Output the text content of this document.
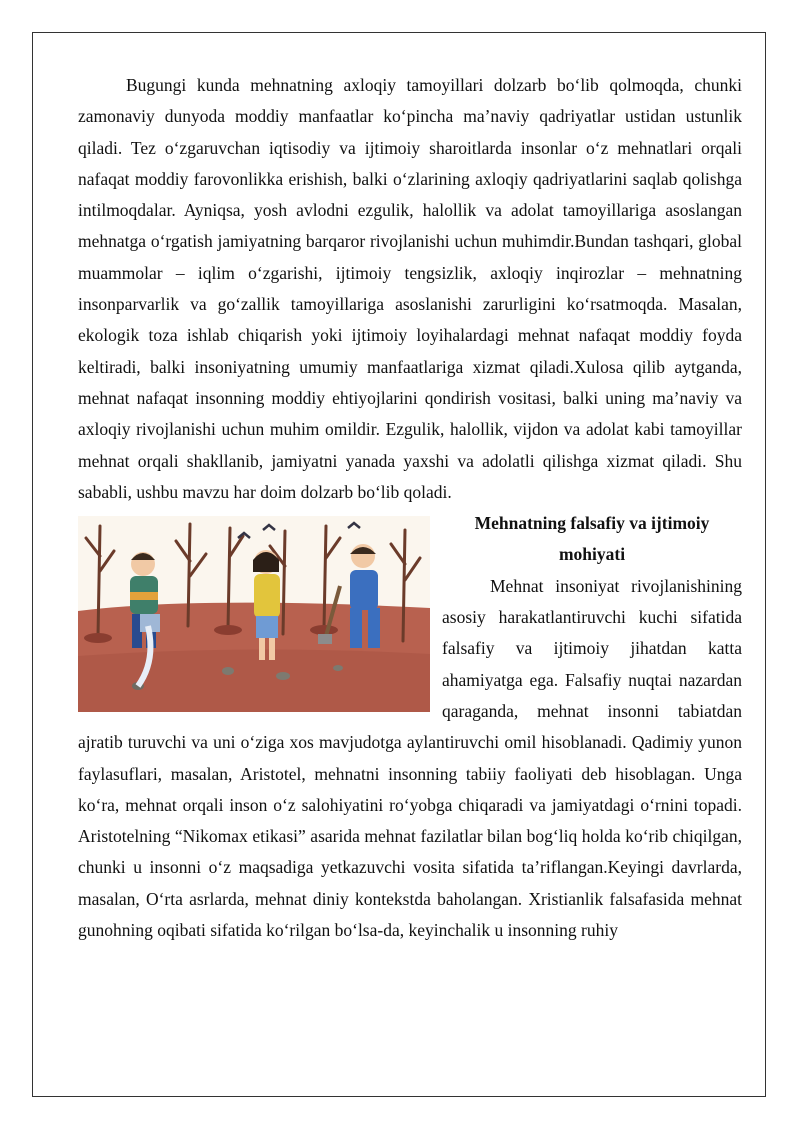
Bugungi kunda mehnatning axloqiy tamoyillari dolzarb bo‘lib qolmoqda, chunki zamonaviy dunyoda moddiy manfaatlar ko‘pincha ma’naviy qadriyatlar ustidan ustunlik qiladi. Tez o‘zgaruvchan iqtisodiy va ijtimoiy sharoitlarda insonlar o‘z mehnatlari orqali nafaqat moddiy farovonlikka erishish, balki o‘zlarining axloqiy qadriyatlarini saqlab qolishga intilmoqdalar. Ayniqsa, yosh avlodni ezgulik, halollik va adolat tamoyillariga asoslangan mehnatga o‘rgatish jamiyatning barqaror rivojlanishi uchun muhimdir.Bundan tashqari, global muammolar – iqlim o‘zgarishi, ijtimoiy tengsizlik, axloqiy inqirozlar – mehnatning insonparvarlik va go‘zallik tamoyillariga asoslanishi zarurligini ko‘rsatmoqda. Masalan, ekologik toza ishlab chiqarish yoki ijtimoiy loyihalardagi mehnat nafaqat moddiy foyda keltiradi, balki insoniyatning umumiy manfaatlariga xizmat qiladi.Xulosa qilib aytganda, mehnat nafaqat insonning moddiy ehtiyojlarini qondirish vositasi, balki uning ma’naviy va axloqiy rivojlanishi uchun muhim omildir. Ezgulik, halollik, vijdon va adolat kabi tamoyillar mehnat orqali shakllanib, jamiyatni yanada yaxshi va adolatli qilishga xizmat qiladi. Shu sababli, ushbu mavzu har doim dolzarb bo‘lib qoladi.

Mehnatning falsafiy va ijtimoiy mohiyati

Mehnat insoniyat rivojlanishining asosiy harakatlantiruvchi kuchi sifatida falsafiy va ijtimoiy jihatdan katta ahamiyatga ega. Falsafiy nuqtai nazardan qaraganda, mehnat insonni tabiatdan ajratib turuvchi va uni o‘ziga xos mavjudotga aylantiruvchi omil hisoblanadi. Qadimiy yunon faylasuflari, masalan, Aristotel, mehnatni insonning tabiiy faoliyati deb hisoblagan. Unga ko‘ra, mehnat orqali inson o‘z salohiyatini ro‘yobga chiqaradi va jamiyatdagi o‘rnini topadi. Aristotelning “Nikomax etikasi” asarida mehnat fazilatlar bilan bog‘liq holda ko‘rib chiqilgan, chunki u insonni o‘z maqsadiga yetkazuvchi vosita sifatida ta’riflangan.Keyingi davrlarda, masalan, O‘rta asrlarda, mehnat diniy kontekstda baholangan. Xristianlik falsafasida mehnat gunohning oqibati sifatida ko‘rilgan bo‘lsa-da, keyinchalik u insonning ruhiy
